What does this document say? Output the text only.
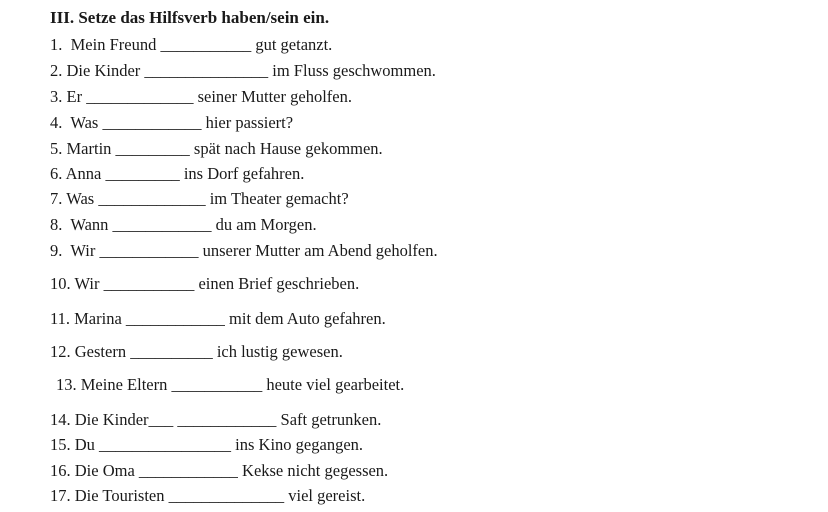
III. Setze das Hilfsverb haben/sein ein.
1.  Mein Freund ___________ gut getanzt.
2. Die Kinder _______________ im Fluss geschwommen.
3. Er _____________ seiner Mutter geholfen.
4.  Was ____________ hier passiert?
5. Martin _________ spät nach Hause gekommen.
6. Anna _________ ins Dorf gefahren.
7. Was _____________ im Theater gemacht?
8.  Wann ____________ du am Morgen.
9.  Wir ____________ unserer Mutter am Abend geholfen.
10. Wir ___________ einen Brief geschrieben.
11. Marina ____________ mit dem Auto gefahren.
12. Gestern __________ ich lustig gewesen.
13. Meine Eltern ___________ heute viel gearbeitet.
14. Die Kinder___ ____________ Saft getrunken.
15. Du ________________ ins Kino gegangen.
16. Die Oma ____________ Kekse nicht gegessen.
17. Die Touristen ______________ viel gereist.
